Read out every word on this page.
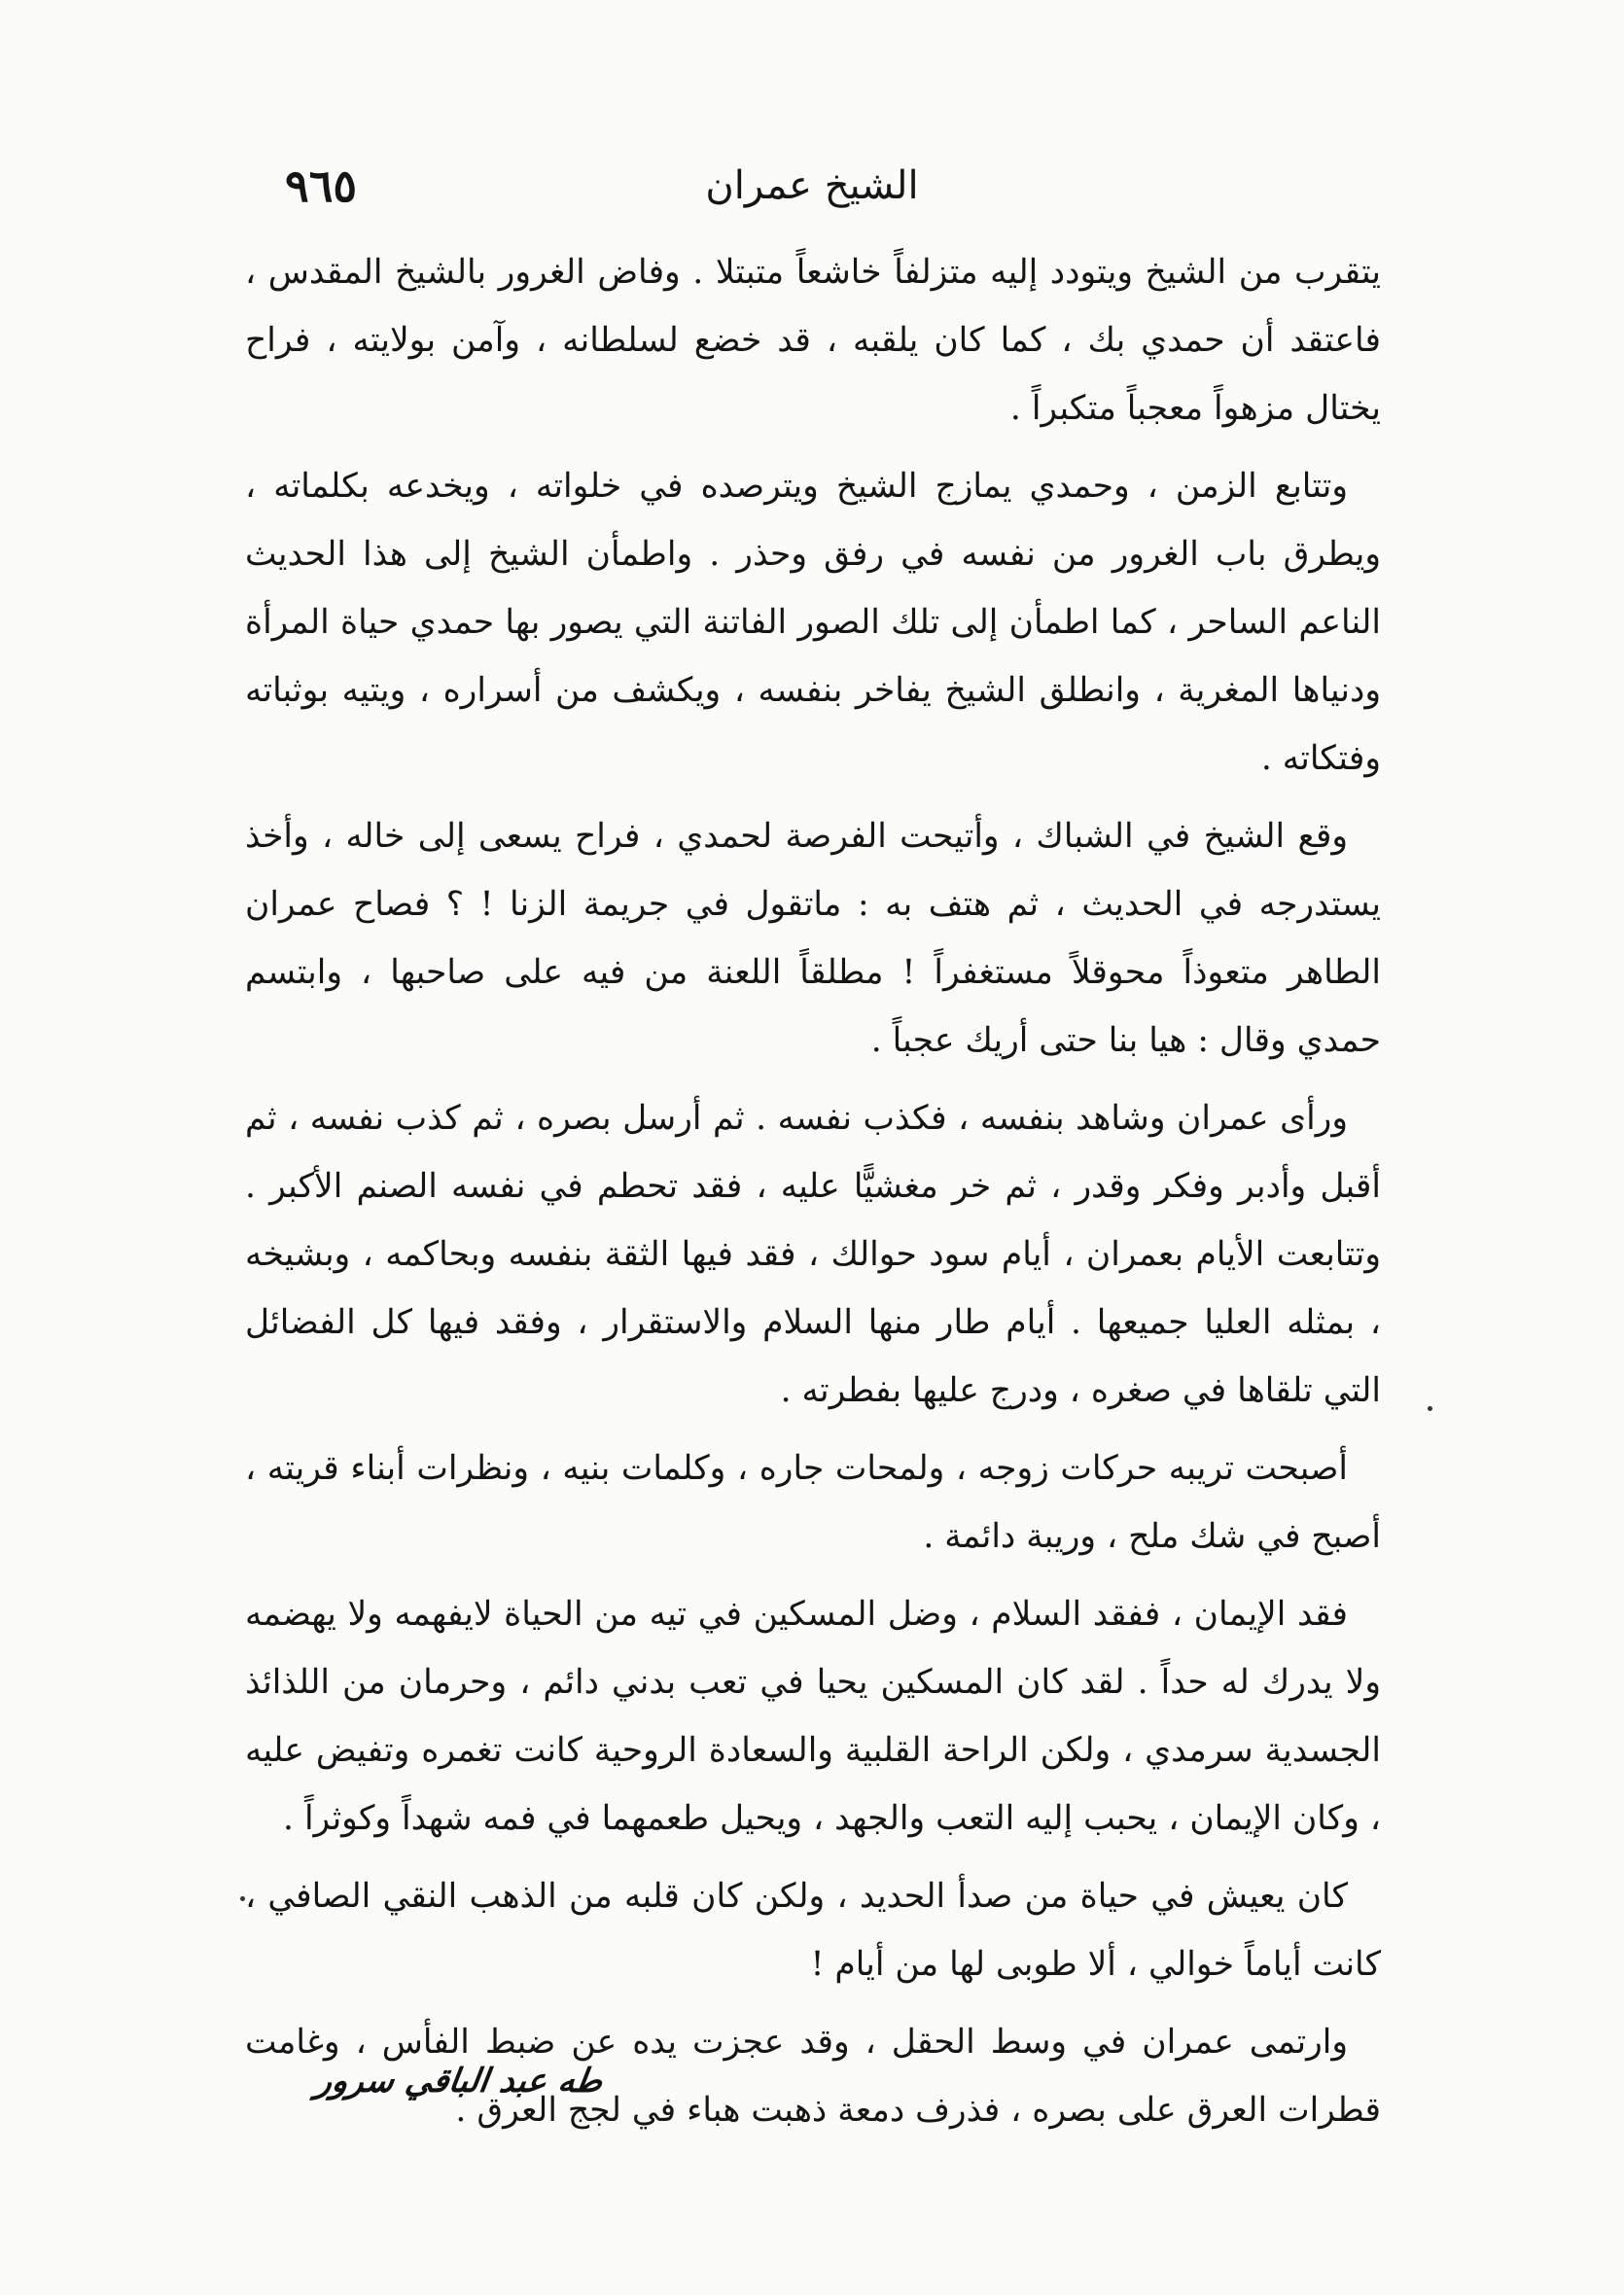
٩٦٥	الشيخ عمران

يتقرب من الشيخ ويتودد إليه متزلفاً خاشعاً متبتلا . وفاض الغرور بالشيخ المقدس ، فاعتقد أن حمدي بك ، كما كان يلقبه ، قد خضع لسلطانه ، وآمن بولايته ، فراح يختال مزهواً معجباً متكبراً .

وتتابع الزمن ، وحمدي يمازج الشيخ ويترصده في خلواته ، ويخدعه بكلماته ، ويطرق باب الغرور من نفسه في رفق وحذر . واطمأن الشيخ إلى هذا الحديث الناعم الساحر ، كما اطمأن إلى تلك الصور الفاتنة التي يصور بها حمدي حياة المرأة ودنياها المغرية ، وانطلق الشيخ يفاخر بنفسه ، ويكشف من أسراره ، ويتيه بوثباته وفتكاته .

وقع الشيخ في الشباك ، وأتيحت الفرصة لحمدي ، فراح يسعى إلى خاله ، وأخذ يستدرجه في الحديث ، ثم هتف به : ماتقول في جريمة الزنا ! ؟ فصاح عمران الطاهر متعوذاً محوقلاً مستغفراً ! مطلقاً اللعنة من فيه على صاحبها ، وابتسم حمدي وقال : هيا بنا حتى أريك عجباً .

ورأى عمران وشاهد بنفسه ، فكذب نفسه . ثم أرسل بصره ، ثم كذب نفسه ، ثم أقبل وأدبر وفكر وقدر ، ثم خر مغشيًّا عليه ، فقد تحطم في نفسه الصنم الأكبر . وتتابعت الأيام بعمران ، أيام سود حوالك ، فقد فيها الثقة بنفسه وبحاكمه ، وبشيخه ، بمثله العليا جميعها . أيام طار منها السلام والاستقرار ، وفقد فيها كل الفضائل التي تلقاها في صغره ، ودرج عليها بفطرته .

أصبحت تريبه حركات زوجه ، ولمحات جاره ، وكلمات بنيه ، ونظرات أبناء قريته ، أصبح في شك ملح ، وريبة دائمة .

فقد الإيمان ، ففقد السلام ، وضل المسكين في تيه من الحياة لايفهمه ولا يهضمه ولا يدرك له حداً . لقد كان المسكين يحيا في تعب بدني دائم ، وحرمان من اللذائذ الجسدية سرمدي ، ولكن الراحة القلبية والسعادة الروحية كانت تغمره وتفيض عليه ، وكان الإيمان ، يحبب إليه التعب والجهد ، ويحيل طعمهما في فمه شهداً وكوثراً .

كان يعيش في حياة من صدأ الحديد ، ولكن كان قلبه من الذهب النقي الصافي ، كانت أياماً خوالي ، ألا طوبى لها من أيام !

وارتمى عمران في وسط الحقل ، وقد عجزت يده عن ضبط الفأس ، وغامت قطرات العرق على بصره ، فذرف دمعة ذهبت هباء في لجج العرق .

طه عبد الباقي سرور
